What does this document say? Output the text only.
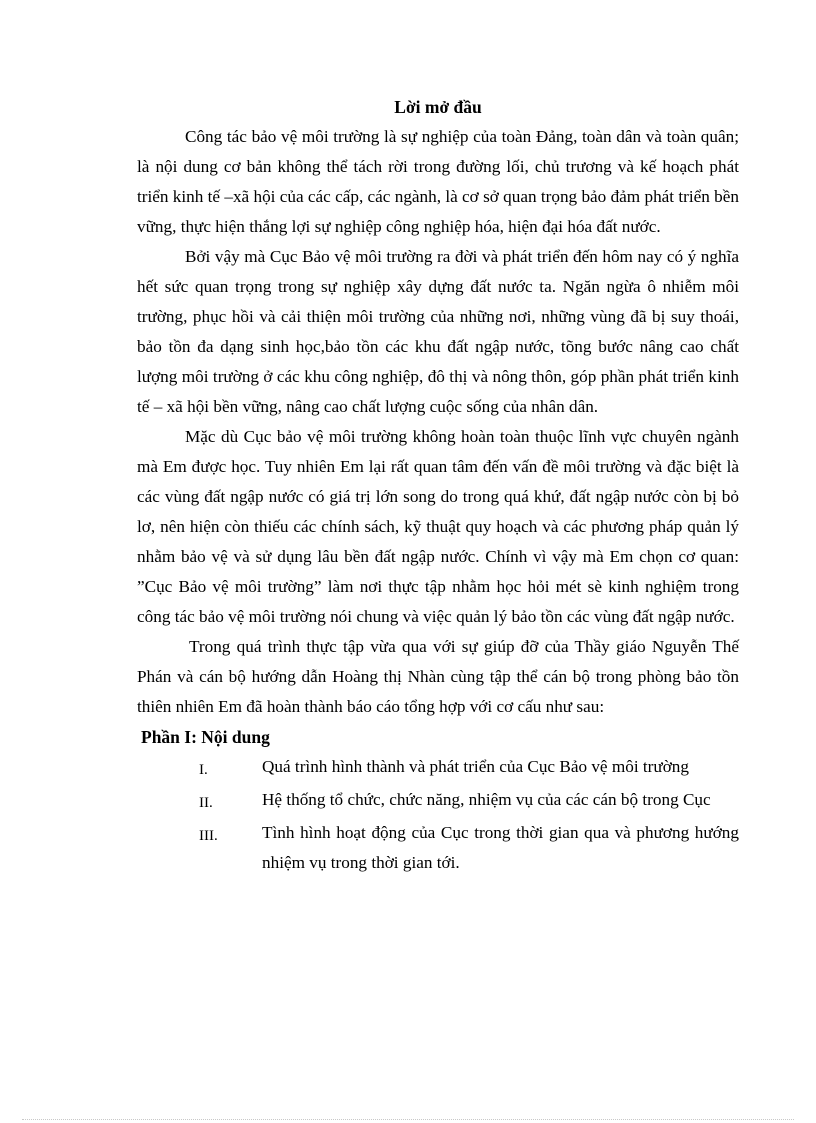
Lời mở đầu

Công tác bảo vệ môi trường là sự nghiệp của toàn Đảng, toàn dân và toàn quân; là nội dung cơ bản không thể tách rời trong đường lối, chủ trương và kế hoạch phát triển kinh tế –xã hội của các cấp, các ngành, là cơ sở quan trọng bảo đảm phát triển bền vững, thực hiện thắng lợi sự nghiệp công nghiệp hóa, hiện đại hóa đất nước.

Bởi vậy mà Cục Bảo vệ môi trường ra đời và phát triển đến hôm nay có ý nghĩa hết sức quan trọng trong sự nghiệp xây dựng đất nước ta. Ngăn ngừa ô nhiễm môi trường, phục hồi và cải thiện môi trường của những nơi, những vùng đã bị suy thoái, bảo tồn đa dạng sinh học,bảo tồn các khu đất ngập nước, tõng bước nâng cao chất lượng môi trường ở các khu công nghiệp, đô thị và nông thôn, góp phần phát triển kinh tế – xã hội bền vững, nâng cao chất lượng cuộc sống của nhân dân.

Mặc dù Cục bảo vệ môi trường không hoàn toàn thuộc lĩnh vực chuyên ngành mà Em được học. Tuy nhiên Em lại rất quan tâm đến vấn đề môi trường và đặc biệt là các vùng đất ngập nước có giá trị lớn song do trong quá khứ, đất ngập nước còn bị bỏ lơ, nên hiện còn thiếu các chính sách, kỹ thuật quy hoạch và các phương pháp quản lý nhằm bảo vệ và sử dụng lâu bền đất ngập nước. Chính vì vậy mà Em chọn cơ quan: ”Cục Bảo vệ môi trường” làm nơi thực tập nhằm học hỏi mét sè kinh nghiệm trong công tác bảo vệ môi trường nói chung và việc quản lý bảo tồn các vùng đất ngập nước.

Trong quá trình thực tập vừa qua với sự giúp đỡ của Thầy giáo Nguyễn Thế Phán và cán bộ hướng dẫn Hoàng thị Nhàn cùng tập thể cán bộ trong phòng bảo tồn thiên nhiên Em đã hoàn thành báo cáo tổng hợp với cơ cấu như sau:

Phần I: Nội dung
I.	Quá trình hình thành và phát triển của Cục Bảo vệ môi trường
II.	Hệ thống tổ chức, chức năng, nhiệm vụ của các cán bộ trong Cục
III.	Tình hình hoạt động của Cục trong thời gian qua và phương hướng nhiệm vụ trong thời gian tới.
